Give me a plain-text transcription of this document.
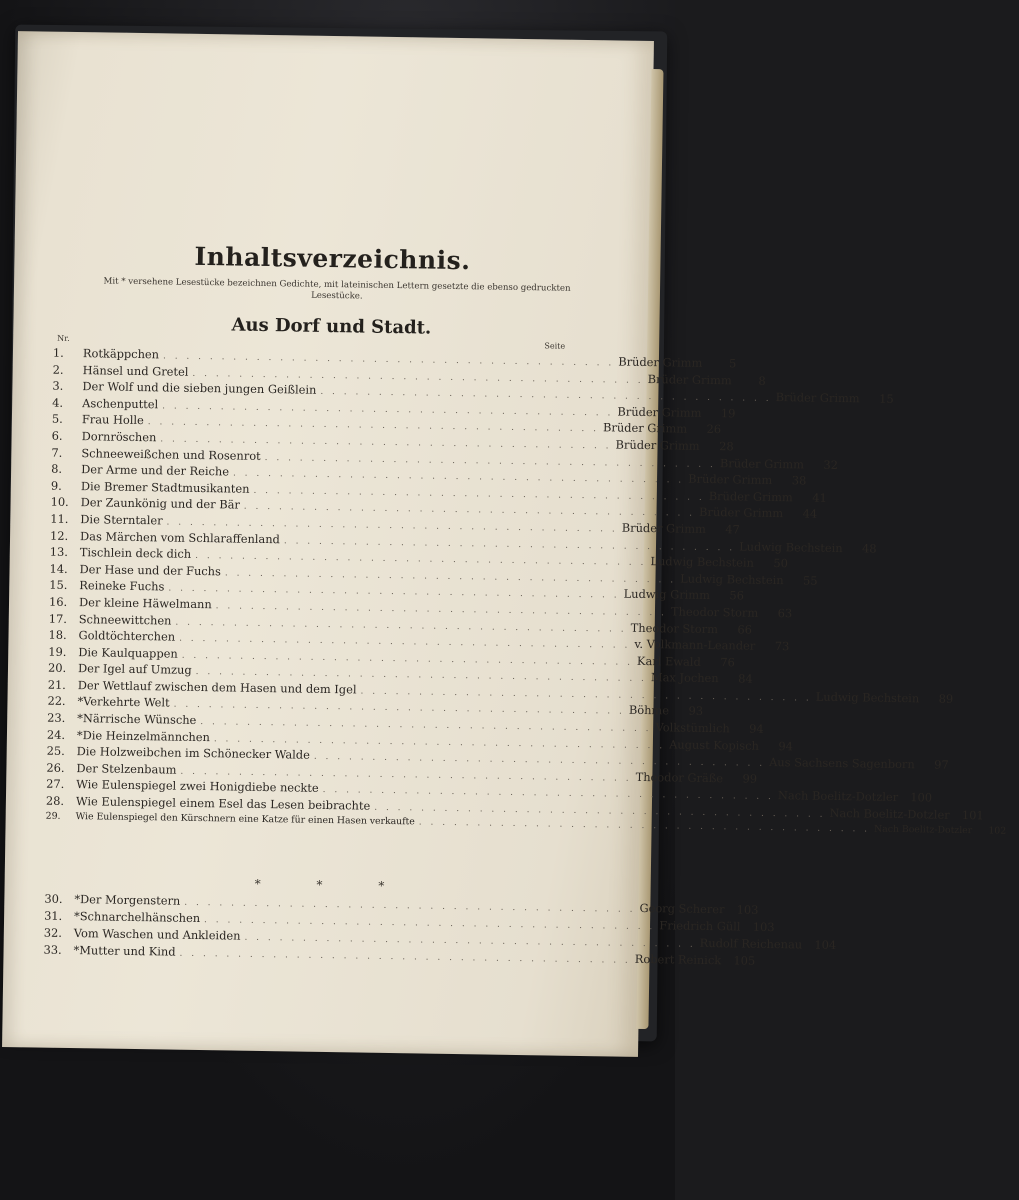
Inhaltsverzeichnis.
Mit * versehene Lesestücke bezeichnen Gedichte, mit lateinischen Lettern gesetzte die ebenso gedruckten Lesestücke.
Aus Dorf und Stadt.
Nr.
Seite
1.	Rotkäppchen . . . . . . . . . . . . . . . . . . . . . . . . . . . . . . . . . . . . . . . Brüder Grimm	5
2.	Hänsel und Gretel . . . . . . . . . . . . . . . . . . . . . . . . . . . . . . . . . . . . . . . Brüder Grimm	8
3.	Der Wolf und die sieben jungen Geißlein . . . . . . . . . . . . . . . . . . . . . . . . . . . . . . . . . . . . . . . Brüder Grimm	15
4.	Aschenputtel . . . . . . . . . . . . . . . . . . . . . . . . . . . . . . . . . . . . . . . Brüder Grimm	19
5.	Frau Holle . . . . . . . . . . . . . . . . . . . . . . . . . . . . . . . . . . . . . . . Brüder Grimm	26
6.	Dornröschen . . . . . . . . . . . . . . . . . . . . . . . . . . . . . . . . . . . . . . . Brüder Grimm	28
7.	Schneeweißchen und Rosenrot . . . . . . . . . . . . . . . . . . . . . . . . . . . . . . . . . . . . . . . Brüder Grimm	32
8.	Der Arme und der Reiche . . . . . . . . . . . . . . . . . . . . . . . . . . . . . . . . . . . . . . . Brüder Grimm	38
9.	Die Bremer Stadtmusikanten . . . . . . . . . . . . . . . . . . . . . . . . . . . . . . . . . . . . . . . Brüder Grimm	41
10.	Der Zaunkönig und der Bär . . . . . . . . . . . . . . . . . . . . . . . . . . . . . . . . . . . . . . . Brüder Grimm	44
11.	Die Sterntaler . . . . . . . . . . . . . . . . . . . . . . . . . . . . . . . . . . . . . . . Brüder Grimm	47
12.	Das Märchen vom Schlaraffenland . . . . . . . . . . . . . . . . . . . . . . . . . . . . . . . . . . . . . . . Ludwig Bechstein	48
13.	Tischlein deck dich . . . . . . . . . . . . . . . . . . . . . . . . . . . . . . . . . . . . . . . Ludwig Bechstein	50
14.	Der Hase und der Fuchs . . . . . . . . . . . . . . . . . . . . . . . . . . . . . . . . . . . . . . . Ludwig Bechstein	55
15.	Reineke Fuchs . . . . . . . . . . . . . . . . . . . . . . . . . . . . . . . . . . . . . . . Ludwig Grimm	56
16.	Der kleine Häwelmann . . . . . . . . . . . . . . . . . . . . . . . . . . . . . . . . . . . . . . . Theodor Storm	63
17.	Schneewittchen . . . . . . . . . . . . . . . . . . . . . . . . . . . . . . . . . . . . . . . Theodor Storm	66
18.	Goldtöchterchen . . . . . . . . . . . . . . . . . . . . . . . . . . . . . . . . . . . . . . . v. Volkmann-Leander	73
19.	Die Kaulquappen . . . . . . . . . . . . . . . . . . . . . . . . . . . . . . . . . . . . . . . Karl Ewald	76
20.	Der Igel auf Umzug . . . . . . . . . . . . . . . . . . . . . . . . . . . . . . . . . . . . . . . Max Jochen	84
21.	Der Wettlauf zwischen dem Hasen und dem Igel . . . . . . . . . . . . . . . . . . . . . . . . . . . . . . . . . . . . . . . Ludwig Bechstein	89
22.	*Verkehrte Welt . . . . . . . . . . . . . . . . . . . . . . . . . . . . . . . . . . . . . . . Böhme	93
23.	*Närrische Wünsche . . . . . . . . . . . . . . . . . . . . . . . . . . . . . . . . . . . . . . . Volkstümlich	94
24.	*Die Heinzelmännchen . . . . . . . . . . . . . . . . . . . . . . . . . . . . . . . . . . . . . . . August Kopisch	94
25.	Die Holzweibchen im Schönecker Walde . . . . . . . . . . . . . . . . . . . . . . . . . . . . . . . . . . . . . . . Aus Sachsens Sagenborn	97
26.	Der Stelzenbaum . . . . . . . . . . . . . . . . . . . . . . . . . . . . . . . . . . . . . . . Theodor Gräße	99
27.	Wie Eulenspiegel zwei Honigdiebe neckte . . . . . . . . . . . . . . . . . . . . . . . . . . . . . . . . . . . . . . . Nach Boelitz-Dotzler	100
28.	Wie Eulenspiegel einem Esel das Lesen beibrachte . . . . . . . . . . . . . . . . . . . . . . . . . . . . . . . . . . . . . . . Nach Boelitz-Dotzler	101
29.	Wie Eulenspiegel den Kürschnern eine Katze für einen Hasen verkaufte . . . . . . . . . . . . . . . . . . . . . . . . . . . . . . . . . . . . . . . Nach Boelitz-Dotzler	102
* * *
30.	*Der Morgenstern . . . . . . . . . . . . . . . . . . . . . . . . . . . . . . . . . . . . . . . Georg Scherer	103
31.	*Schnarchelhänschen . . . . . . . . . . . . . . . . . . . . . . . . . . . . . . . . . . . . . . . Friedrich Güll	103
32.	Vom Waschen und Ankleiden . . . . . . . . . . . . . . . . . . . . . . . . . . . . . . . . . . . . . . . Rudolf Reichenau	104
33.	*Mutter und Kind . . . . . . . . . . . . . . . . . . . . . . . . . . . . . . . . . . . . . . . Robert Reinick	105
